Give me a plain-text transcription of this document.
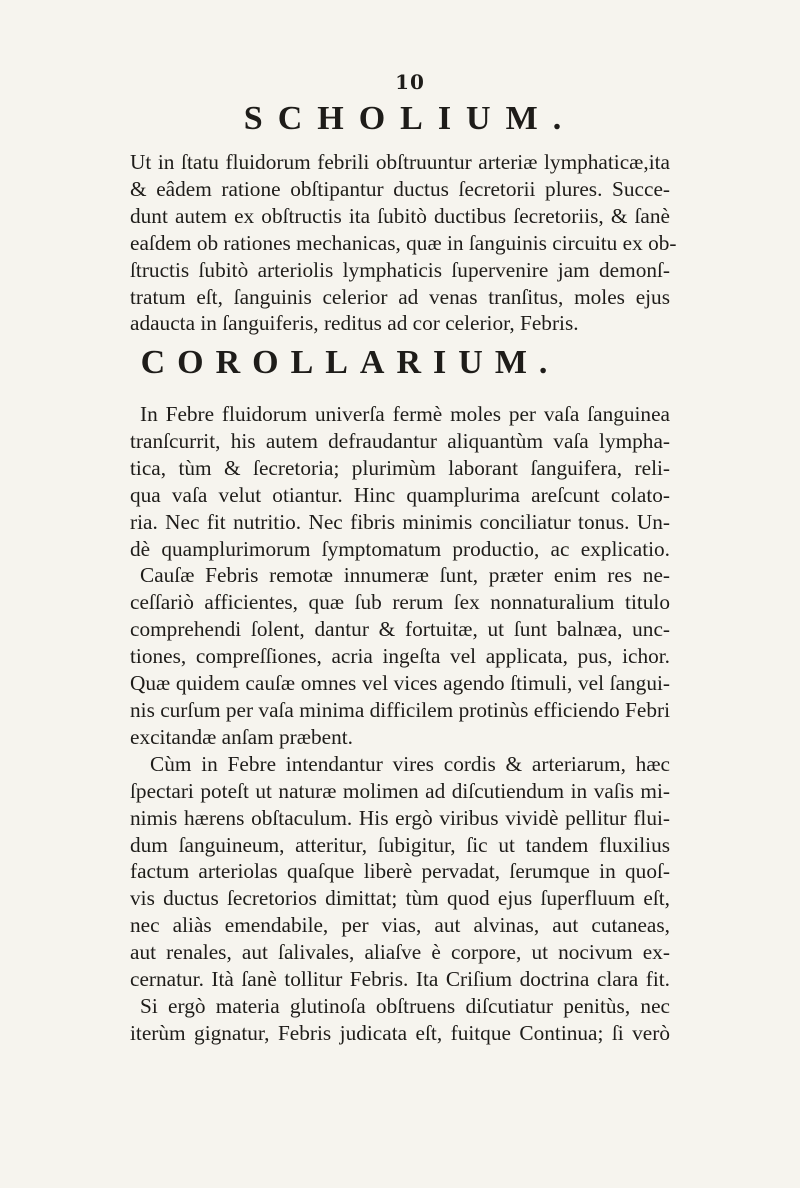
10
SCHOLIUM.
Ut in ſtatu fluidorum febrili obſtruuntur arteriæ lymphaticæ,ita
& eâdem ratione obſtipantur ductus ſecretorii plures. Succe-
dunt autem ex obſtructis ita ſubitò ductibus ſecretoriis, & ſanè
eaſdem ob rationes mechanicas, quæ in ſanguinis circuitu ex ob-
ſtructis ſubitò arteriolis lymphaticis ſupervenire jam demonſ-
tratum eſt, ſanguinis celerior ad venas tranſitus, moles ejus
adaucta in ſanguiferis, reditus ad cor celerior, Febris.
COROLLARIUM.
In Febre fluidorum univerſa fermè moles per vaſa ſanguinea
tranſcurrit, his autem defraudantur aliquantùm vaſa lympha-
tica, tùm & ſecretoria; plurimùm laborant ſanguifera, reli-
qua vaſa velut otiantur. Hinc quamplurima areſcunt colato-
ria. Nec fit nutritio. Nec fibris minimis conciliatur tonus. Un-
dè quamplurimorum ſymptomatum productio, ac explicatio.
Cauſæ Febris remotæ innumeræ ſunt, præter enim res ne-
ceſſariò afficientes, quæ ſub rerum ſex nonnaturalium titulo
comprehendi ſolent, dantur & fortuitæ, ut ſunt balnæa, unc-
tiones, compreſſiones, acria ingeſta vel applicata, pus, ichor.
Quæ quidem cauſæ omnes vel vices agendo ſtimuli, vel ſangui-
nis curſum per vaſa minima difficilem protinùs efficiendo Febri
excitandæ anſam præbent.
Cùm in Febre intendantur vires cordis & arteriarum, hæc
ſpectari poteſt ut naturæ molimen ad diſcutiendum in vaſis mi-
nimis hærens obſtaculum. His ergò viribus vividè pellitur flui-
dum ſanguineum, atteritur, ſubigitur, ſic ut tandem fluxilius
factum arteriolas quaſque liberè pervadat, ſerumque in quoſ-
vis ductus ſecretorios dimittat; tùm quod ejus ſuperfluum eſt,
nec aliàs emendabile, per vias, aut alvinas, aut cutaneas,
aut renales, aut ſalivales, aliaſve è corpore, ut nocivum ex-
cernatur. Ità ſanè tollitur Febris. Ita Criſium doctrina clara fit.
Si ergò materia glutinoſa obſtruens diſcutiatur penitùs, nec
iterùm gignatur, Febris judicata eſt, fuitque Continua; ſi verò
